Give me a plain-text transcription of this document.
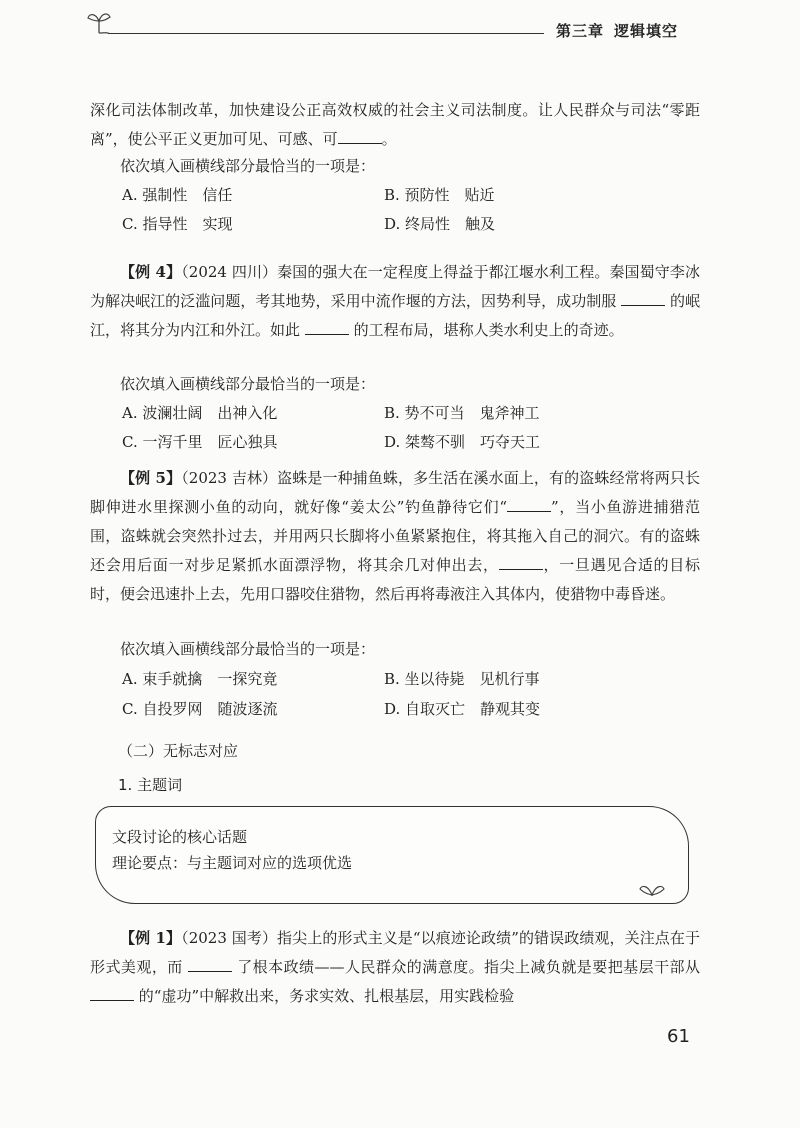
第三章 逻辑填空

深化司法体制改革，加快建设公正高效权威的社会主义司法制度。让人民群众与司法“零距离”，使公平正义更加可见、可感、可	。

依次填入画横线部分最恰当的一项是：
A. 强制性　信任	B. 预防性　贴近
C. 指导性　实现	D. 终局性　触及

【例 4】（2024 四川）秦国的强大在一定程度上得益于都江堰水利工程。秦国蜀守李冰为解决岷江的泛滥问题，考其地势，采用中流作堰的方法，因势利导，成功制服	的岷江，将其分为内江和外江。如此	的工程布局，堪称人类水利史上的奇迹。

依次填入画横线部分最恰当的一项是：
A. 波澜壮阔　出神入化	B. 势不可当　鬼斧神工
C. 一泻千里　匠心独具	D. 桀骜不驯　巧夺天工

【例 5】（2023 吉林）盗蛛是一种捕鱼蛛，多生活在溪水面上，有的盗蛛经常将两只长脚伸进水里探测小鱼的动向，就好像“姜太公”钓鱼静待它们“	”，当小鱼游进捕猎范围，盗蛛就会突然扑过去，并用两只长脚将小鱼紧紧抱住，将其拖入自己的洞穴。有的盗蛛还会用后面一对步足紧抓水面漂浮物，将其余几对伸出去，	，一旦遇见合适的目标时，便会迅速扑上去，先用口器咬住猎物，然后再将毒液注入其体内，使猎物中毒昏迷。

依次填入画横线部分最恰当的一项是：
A. 束手就擒　一探究竟	B. 坐以待毙　见机行事
C. 自投罗网　随波逐流	D. 自取灭亡　静观其变
（二）无标志对应
1. 主题词
文段讨论的核心话题
理论要点：与主题词对应的选项优选

【例 1】（2023 国考）指尖上的形式主义是“以痕迹论政绩”的错误政绩观，关注点在于形式美观，而	了根本政绩——人民群众的满意度。指尖上减负就是要把基层干部从  的“虚功”中解救出来，务求实效、扎根基层，用实践检验

61
